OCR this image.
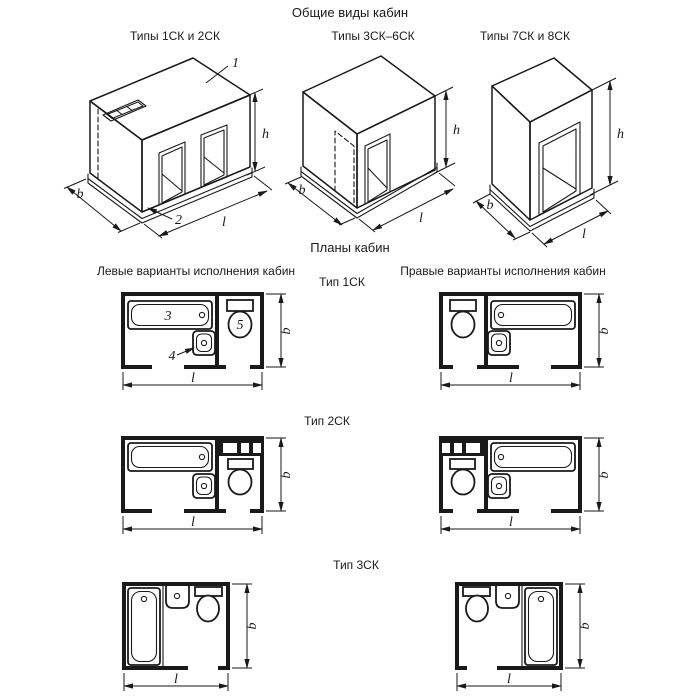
Общие виды кабин
Типы 1СК и 2СК	Типы 3СК–6СК	Типы 7СК и 8СК
1
2
h
b
l
h
b
l
h
b
l
Планы кабин
Левые варианты исполнения кабин	Правые варианты исполнения кабин
Тип 1СК
Тип 2СК
Тип 3СК
3
4
5	b
l
b
l
b
l
b
l
b
l
b
l
